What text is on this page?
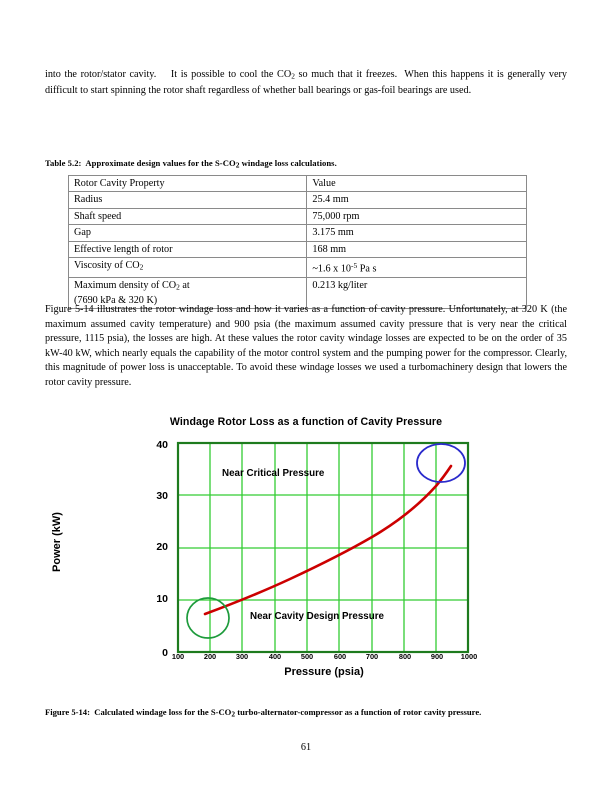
into the rotor/stator cavity.    It is possible to cool the $CO_2$ so much that it freezes.  When this happens it is generally very difficult to start spinning the rotor shaft regardless of whether ball bearings or gas-foil bearings are used.
Table 5.2:  Approximate design values for the $S-CO_2$ windage loss calculations.
Rotor Cavity Property	Value
Radius	25.4 mm
Shaft speed	75,000 rpm
Gap	3.175 mm
Effective length of rotor	168 mm
Viscosity of $CO_2$	~1.6 x $10^{-5}$ Pa s
Maximum density of $CO_2$ at
(7690 kPa & 320 K)	0.213 kg/liter
Figure 5-14 illustrates the rotor windage loss and how it varies as a function of cavity pressure. Unfortunately, at 320 K (the maximum assumed cavity temperature) and 900 psia (the maximum assumed cavity pressure that is very near the critical pressure, 1115 psia), the losses are high. At these values the rotor cavity windage losses are expected to be on the order of 35 kW-40 kW, which nearly equals the capability of the motor control system and the pumping power for the compressor. Clearly, this magnitude of power loss is unacceptable. To avoid these windage losses we used a turbomachinery design that lowers the rotor cavity pressure.
Windage Rotor Loss as a function of Cavity Pressure
Power (kW)
Pressure (psia)
40
30
20
10
0 100	200	300	400	500	600	700	800	900	1000
Near Critical Pressure
Near Cavity Design Pressure
Figure 5-14:  Calculated windage loss for the $S-CO_2$ turbo-alternator-compressor as a function of rotor cavity pressure.
61
